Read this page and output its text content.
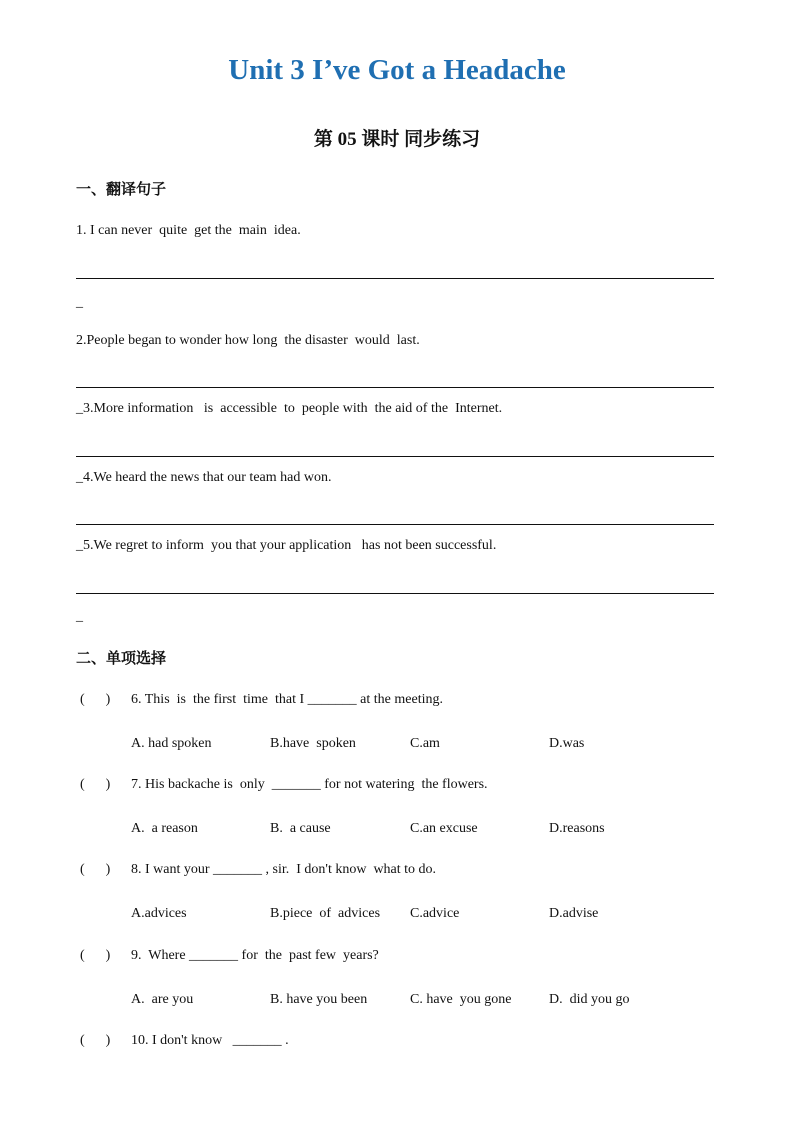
Unit 3 I’ve Got a Headache
第 05 课时 同步练习
一、翻译句子
1. I can never  quite  get the  main  idea.
_
2.People began to wonder how long  the disaster  would  last.
_3.More information   is  accessible  to  people with  the aid of the  Internet.
_4.We heard the news that our team had won.
_5.We regret to inform  you that your application   has not been successful.
_
二、单项选择
(      ) 6. This  is  the first  time  that I _______ at the meeting.
A. had spoken	B.have  spoken	C.am	D.was
(      ) 7. His backache is  only  _______ for not watering  the flowers.
A.  a reason	B.  a cause	C.an excuse	D.reasons
(      ) 8. I want your _______ , sir.  I don't know  what to do.
A.advices	B.piece  of  advices C.advice	D.advise
(      ) 9.  Where _______ for  the  past few  years?
A.  are you	B. have you been	C. have  you gone	D.  did you go
(      ) 10. I don't know   _______ .
